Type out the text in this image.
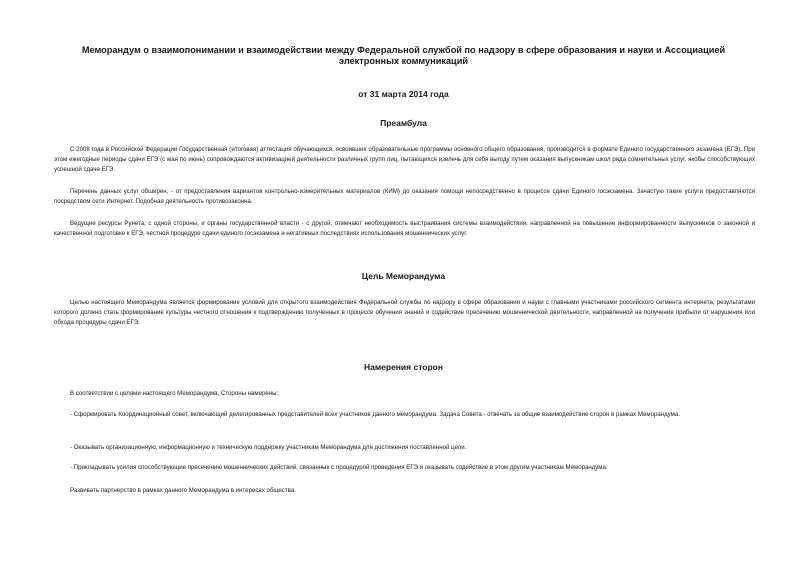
Меморандум о взаимопонимании и взаимодействии между Федеральной службой по надзору в сфере образования и науки и Ассоциацией электронных коммуникаций
от 31 марта 2014 года
Преамбула
С 2008 года в Российской Федерации Государственная (итоговая) аттестация обучающихся, освоивших образовательные программы основного общего образования, производится в формате Единого государственного экзамена (ЕГЭ). При этом ежегодные периоды сдачи ЕГЭ (с мая по июнь) сопровождаются активизацией деятельности различных групп лиц, пытающихся извлечь для себя выгоду путем оказания выпускникам школ ряда сомнительных услуг, якобы способствующих успешной сдаче ЕГЭ.
Перечень данных услуг обширен, - от предоставления вариантов контрольно-измерительных материалов (КИМ) до оказания помощи непосредственно в процессе сдачи Единого госэкзамена. Зачастую такие услуги предоставляются посредством сети Интернет. Подобная деятельность противозаконна.
Ведущие ресурсы Рунета, с одной стороны, и органы государственной власти - с другой, отмечают необходимость выстраивания системы взаимодействия, направленной на повышение информированности выпускников о законной и качественной подготовке к ЕГЭ, честной процедуре сдачи единого госэкзамена и негативных последствиях использования мошеннических услуг.
Цель Меморандума
Целью настоящего Меморандума является формирование условий для открытого взаимодействия Федеральной службы по надзору в сфере образования и науки с главными участниками российского сегмента интернета, результатами которого должно стать формирование культуры честного отношения к подтверждению полученных в процессе обучения знаний и содействие пресечению мошеннической деятельности, направленной на получение прибыли от нарушения или обхода процедуры сдачи ЕГЭ.
Намерения сторон
В соответствии с целями настоящего Меморандума, Стороны намерены:
- Сформировать Координационный совет, включающий делегированных представителей всех участников данного меморандума. Задача Совета - отвечать за общие взаимодействие сторон в рамках Меморандума.
- Оказывать организационную, информационную и техническую поддержку участникам Меморандума для достижения поставленной цели.
- Прикладывать усилия способствующие пресечению мошеннических действий, связанных с процедурой проведения ЕГЭ и оказывать содействие в этом другим участникам Меморандума.
Развивать партнерство в рамках данного Меморандума в интересах общества.
